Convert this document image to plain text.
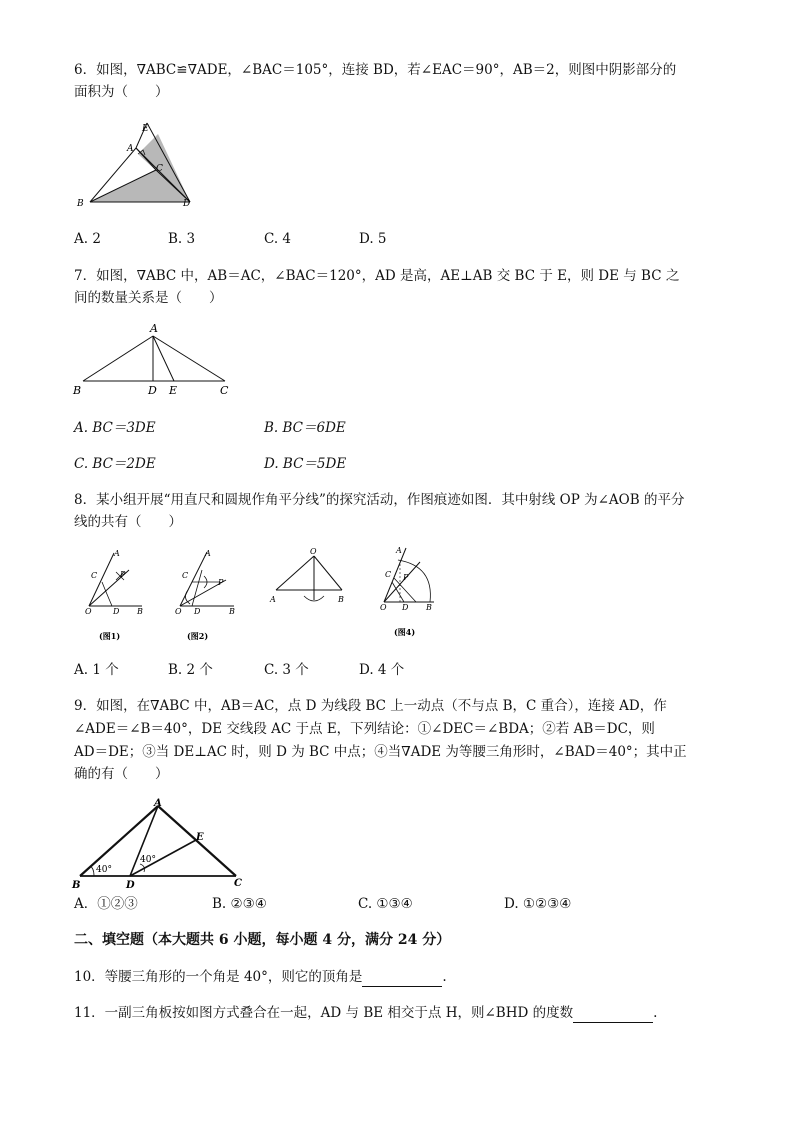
6．如图，∇ABC≌∇ADE，∠BAC＝105°，连接 BD，若∠EAC＝90°，AB＝2，则图中阴影部分的
面积为（　　）
E
A
C
B	D
A. 2	B. 3	C. 4	D. 5
7．如图，∇ABC 中，AB＝AC，∠BAC＝120°，AD 是高，AE⊥AB 交 BC 于 E，则 DE 与 BC 之
间的数量关系是（　　）
A
B	D E	C
A. BC＝3DE	B. BC＝6DE
C. BC＝2DE	D. BC＝5DE
8．某小组开展“用直尺和圆规作角平分线”的探究活动，作图痕迹如图．其中射线 OP 为∠AOB 的平分
线的共有（　　）
A
C	P
O	D B
(图1)
A
C
P
O D	B
(图2)
O
A	B
A
C P
O D B
(图4)
A. 1 个	B. 2 个	C. 3 个	D. 4 个
9．如图，在∇ABC 中，AB＝AC，点 D 为线段 BC 上一动点（不与点 B，C 重合），连接 AD，作
∠ADE＝∠B＝40°，DE 交线段 AC 于点 E，下列结论：①∠DEC＝∠BDA；②若 AB＝DC，则
AD＝DE；③当 DE⊥AC 时，则 D 为 BC 中点；④当∇ADE 为等腰三角形时，∠BAD＝40°；其中正
确的有（　　）
A
B	D
E
C
40°
40°
A．①②③	B. ②③④	C. ①③④	D. ①②③④
二、填空题（本大题共 6 小题，每小题 4 分，满分 24 分）
10．等腰三角形的一个角是 40°，则它的顶角是	.
11．一副三角板按如图方式叠合在一起，AD 与 BE 相交于点 H，则∠BHD 的度数	.
